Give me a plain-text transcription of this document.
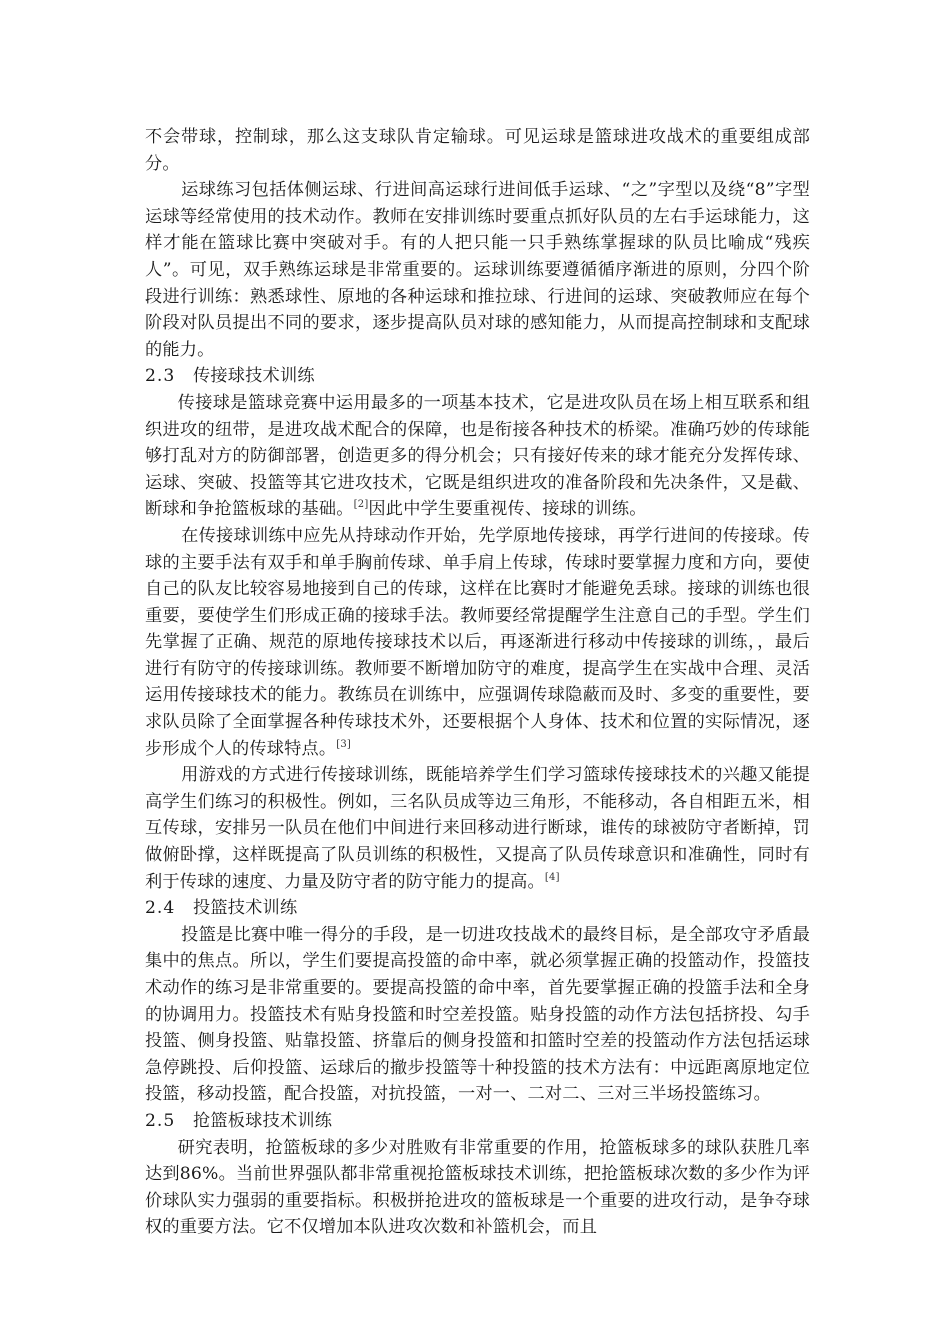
不会带球，控制球，那么这支球队肯定输球。可见运球是篮球进攻战术的重要组成部分。

运球练习包括体侧运球、行进间高运球行进间低手运球、“之”字型以及绕“8”字型运球等经常使用的技术动作。教师在安排训练时要重点抓好队员的左右手运球能力，这样才能在篮球比赛中突破对手。有的人把只能一只手熟练掌握球的队员比喻成“残疾人”。可见，双手熟练运球是非常重要的。运球训练要遵循循序渐进的原则，分四个阶段进行训练：熟悉球性、原地的各种运球和推拉球、行进间的运球、突破教师应在每个阶段对队员提出不同的要求，逐步提高队员对球的感知能力，从而提高控制球和支配球的能力。

2.3 传接球技术训练

传接球是篮球竞赛中运用最多的一项基本技术，它是进攻队员在场上相互联系和组织进攻的纽带，是进攻战术配合的保障，也是衔接各种技术的桥梁。准确巧妙的传球能够打乱对方的防御部署，创造更多的得分机会；只有接好传来的球才能充分发挥传球、运球、突破、投篮等其它进攻技术，它既是组织进攻的准备阶段和先决条件，又是截、断球和争抢篮板球的基础。[2]因此中学生要重视传、接球的训练。

在传接球训练中应先从持球动作开始，先学原地传接球，再学行进间的传接球。传球的主要手法有双手和单手胸前传球、单手肩上传球，传球时要掌握力度和方向，要使自己的队友比较容易地接到自己的传球，这样在比赛时才能避免丢球。接球的训练也很重要，要使学生们形成正确的接球手法。教师要经常提醒学生注意自己的手型。学生们先掌握了正确、规范的原地传接球技术以后，再逐渐进行移动中传接球的训练，，最后进行有防守的传接球训练。教师要不断增加防守的难度，提高学生在实战中合理、灵活运用传接球技术的能力。教练员在训练中，应强调传球隐蔽而及时、多变的重要性，要求队员除了全面掌握各种传球技术外，还要根据个人身体、技术和位置的实际情况，逐步形成个人的传球特点。[3]

用游戏的方式进行传接球训练，既能培养学生们学习篮球传接球技术的兴趣又能提高学生们练习的积极性。例如，三名队员成等边三角形，不能移动，各自相距五米，相互传球，安排另一队员在他们中间进行来回移动进行断球，谁传的球被防守者断掉，罚做俯卧撑，这样既提高了队员训练的积极性，又提高了队员传球意识和准确性，同时有利于传球的速度、力量及防守者的防守能力的提高。[4]

2.4 投篮技术训练

投篮是比赛中唯一得分的手段，是一切进攻技战术的最终目标，是全部攻守矛盾最集中的焦点。所以，学生们要提高投篮的命中率，就必须掌握正确的投篮动作，投篮技术动作的练习是非常重要的。要提高投篮的命中率，首先要掌握正确的投篮手法和全身的协调用力。投篮技术有贴身投篮和时空差投篮。贴身投篮的动作方法包括挤投、勾手投篮、侧身投篮、贴靠投篮、挤靠后的侧身投篮和扣篮时空差的投篮动作方法包括运球急停跳投、后仰投篮、运球后的撤步投篮等十种投篮的技术方法有：中远距离原地定位投篮，移动投篮，配合投篮，对抗投篮，一对一、二对二、三对三半场投篮练习。

2.5 抢篮板球技术训练

研究表明，抢篮板球的多少对胜败有非常重要的作用，抢篮板球多的球队获胜几率达到86%。当前世界强队都非常重视抢篮板球技术训练，把抢篮板球次数的多少作为评价球队实力强弱的重要指标。积极拼抢进攻的篮板球是一个重要的进攻行动，是争夺球权的重要方法。它不仅增加本队进攻次数和补篮机会，而且
